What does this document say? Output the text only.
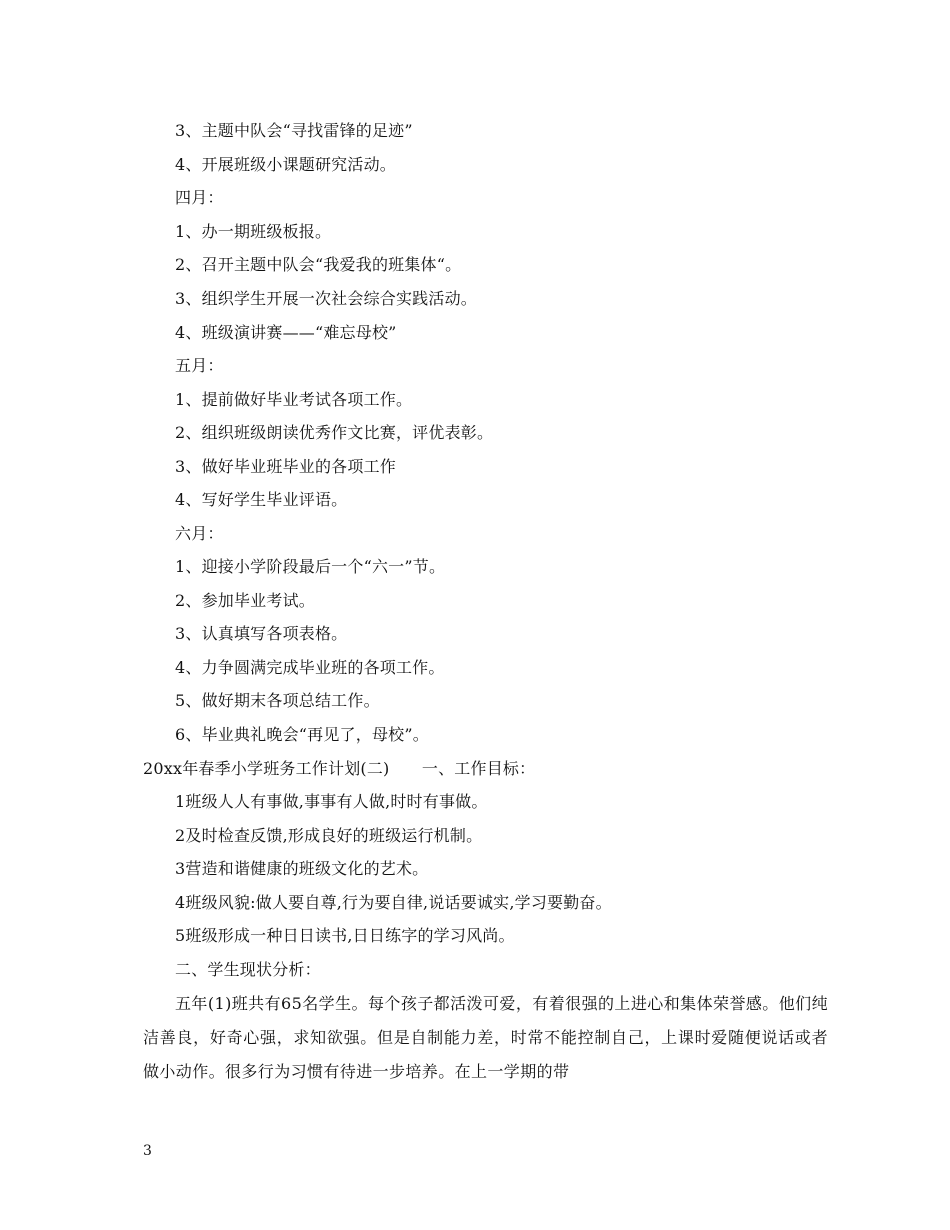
3、主题中队会“寻找雷锋的足迹”
4、开展班级小课题研究活动。
四月：
1、办一期班级板报。
2、召开主题中队会“我爱我的班集体“。
3、组织学生开展一次社会综合实践活动。
4、班级演讲赛——“难忘母校”
五月：
1、提前做好毕业考试各项工作。
2、组织班级朗读优秀作文比赛，评优表彰。
3、做好毕业班毕业的各项工作
4、写好学生毕业评语。
六月：
1、迎接小学阶段最后一个“六一”节。
2、参加毕业考试。
3、认真填写各项表格。
4、力争圆满完成毕业班的各项工作。
5、做好期末各项总结工作。
6、毕业典礼晚会“再见了，母校”。
20xx年春季小学班务工作计划(二)　　一、工作目标：
1班级人人有事做,事事有人做,时时有事做。
2及时检查反馈,形成良好的班级运行机制。
3营造和谐健康的班级文化的艺术。
4班级风貌:做人要自尊,行为要自律,说话要诚实,学习要勤奋。
5班级形成一种日日读书,日日练字的学习风尚。
二、学生现状分析：
五年(1)班共有65名学生。每个孩子都活泼可爱，有着很强的上进心和集体荣誉感。他们纯洁善良，好奇心强，求知欲强。但是自制能力差，时常不能控制自己，上课时爱随便说话或者做小动作。很多行为习惯有待进一步培养。在上一学期的带
3
